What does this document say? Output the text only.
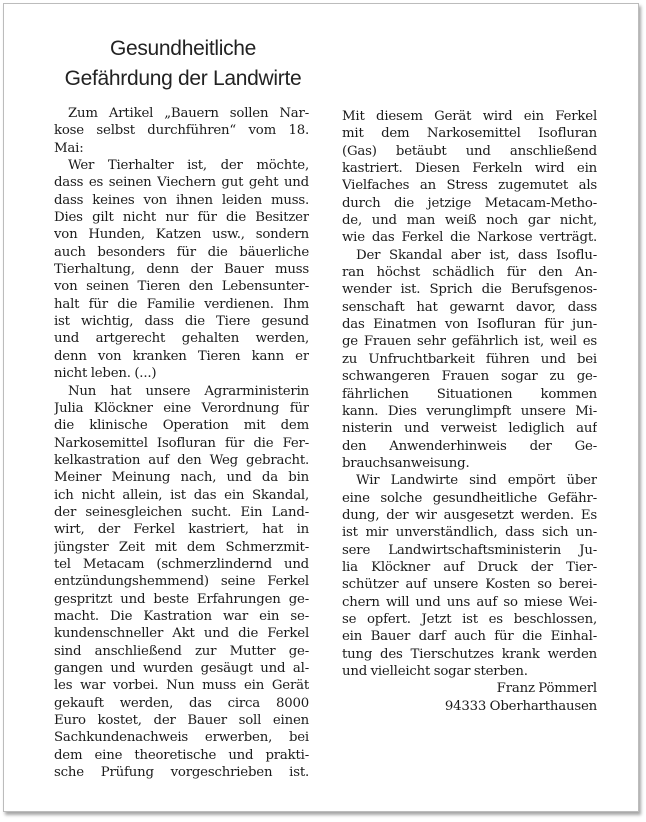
Gesundheitliche
Gefährdung der Landwirte
Zum Artikel „Bauern sollen Nar-
kose selbst durchführen“ vom 18.
Mai:
Wer Tierhalter ist, der möchte,
dass es seinen Viechern gut geht und
dass keines von ihnen leiden muss.
Dies gilt nicht nur für die Besitzer
von Hunden, Katzen usw., sondern
auch besonders für die bäuerliche
Tierhaltung, denn der Bauer muss
von seinen Tieren den Lebensunter-
halt für die Familie verdienen. Ihm
ist wichtig, dass die Tiere gesund
und artgerecht gehalten werden,
denn von kranken Tieren kann er
nicht leben. (...)
Nun hat unsere Agrarministerin
Julia Klöckner eine Verordnung für
die klinische Operation mit dem
Narkosemittel Isofluran für die Fer-
kelkastration auf den Weg gebracht.
Meiner Meinung nach, und da bin
ich nicht allein, ist das ein Skandal,
der seinesgleichen sucht. Ein Land-
wirt, der Ferkel kastriert, hat in
jüngster Zeit mit dem Schmerzmit-
tel Metacam (schmerzlindernd und
entzündungshemmend) seine Ferkel
gespritzt und beste Erfahrungen ge-
macht. Die Kastration war ein se-
kundenschneller Akt und die Ferkel
sind anschließend zur Mutter ge-
gangen und wurden gesäugt und al-
les war vorbei. Nun muss ein Gerät
gekauft werden, das circa 8000
Euro kostet, der Bauer soll einen
Sachkundenachweis erwerben, bei
dem eine theoretische und prakti-
sche Prüfung vorgeschrieben ist.
Mit diesem Gerät wird ein Ferkel
mit dem Narkosemittel Isofluran
(Gas) betäubt und anschließend
kastriert. Diesen Ferkeln wird ein
Vielfaches an Stress zugemutet als
durch die jetzige Metacam-Metho-
de, und man weiß noch gar nicht,
wie das Ferkel die Narkose verträgt.
Der Skandal aber ist, dass Isoflu-
ran höchst schädlich für den An-
wender ist. Sprich die Berufsgenos-
senschaft hat gewarnt davor, dass
das Einatmen von Isofluran für jun-
ge Frauen sehr gefährlich ist, weil es
zu Unfruchtbarkeit führen und bei
schwangeren Frauen sogar zu ge-
fährlichen Situationen kommen
kann. Dies verunglimpft unsere Mi-
nisterin und verweist lediglich auf
den Anwenderhinweis der Ge-
brauchsanweisung.
Wir Landwirte sind empört über
eine solche gesundheitliche Gefähr-
dung, der wir ausgesetzt werden. Es
ist mir unverständlich, dass sich un-
sere Landwirtschaftsministerin Ju-
lia Klöckner auf Druck der Tier-
schützer auf unsere Kosten so berei-
chern will und uns auf so miese Wei-
se opfert. Jetzt ist es beschlossen,
ein Bauer darf auch für die Einhal-
tung des Tierschutzes krank werden
und vielleicht sogar sterben.
Franz Pömmerl
94333 Oberharthausen
